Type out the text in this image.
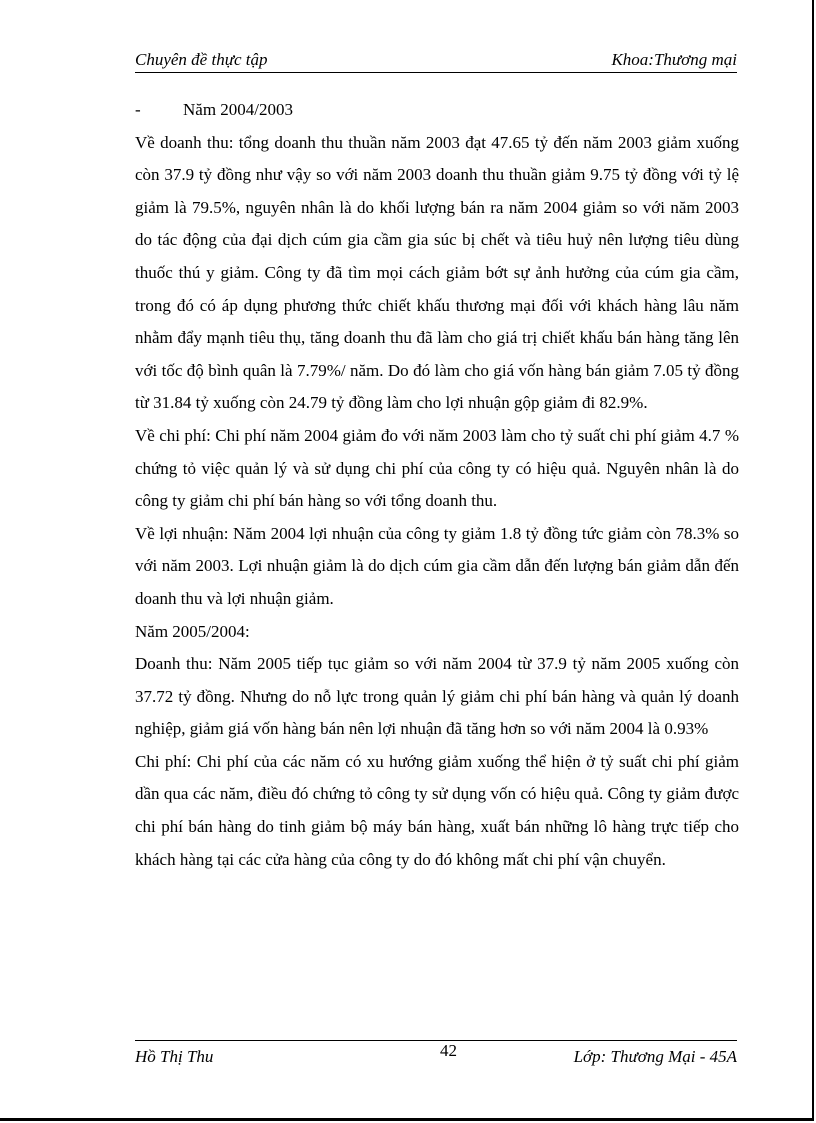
Chuyên đề thực tập	Khoa:Thương mại

- Năm 2004/2003

Về doanh thu: tổng doanh thu thuần năm 2003 đạt 47.65 tỷ đến năm 2003 giảm xuống còn 37.9 tỷ đồng như vậy so với năm 2003 doanh thu thuần giảm 9.75 tỷ đồng với tỷ lệ giảm là 79.5%, nguyên nhân là do khối lượng bán ra năm 2004 giảm so với năm 2003 do tác động của đại dịch cúm gia cầm gia súc bị chết và tiêu huỷ nên lượng tiêu dùng thuốc thú y giảm. Công ty đã tìm mọi cách giảm bớt sự ảnh hưởng của cúm gia cầm, trong đó có áp dụng phương thức chiết khấu thương mại đối với khách hàng lâu năm nhằm đẩy mạnh tiêu thụ, tăng doanh thu đã làm cho giá trị chiết khấu bán hàng tăng lên với tốc độ bình quân là 7.79%/ năm. Do đó làm cho giá vốn hàng bán giảm 7.05 tỷ đồng từ 31.84 tỷ xuống còn 24.79 tỷ đồng làm cho lợi nhuận gộp giảm đi 82.9%.

Về chi phí: Chi phí năm 2004 giảm đo với năm 2003 làm cho tỷ suất chi phí giảm 4.7 % chứng tỏ việc quản lý và sử dụng chi phí của công ty có hiệu quả. Nguyên nhân là do công ty giảm chi phí bán hàng so với tổng doanh thu.

Về lợi nhuận: Năm 2004 lợi nhuận của công ty giảm 1.8 tỷ đồng tức giảm còn 78.3% so với năm 2003. Lợi nhuận giảm là do dịch cúm gia cầm dẫn đến lượng bán giảm dẫn đến doanh thu và lợi nhuận giảm.

Năm 2005/2004:

Doanh thu: Năm 2005 tiếp tục giảm so với năm 2004 từ 37.9 tỷ năm 2005 xuống còn 37.72 tỷ đồng. Nhưng do nỗ lực trong quản lý giảm chi phí bán hàng và quản lý doanh nghiệp, giảm giá vốn hàng bán nên lợi nhuận đã tăng hơn so với năm 2004 là 0.93%

Chi phí: Chi phí của các năm có xu hướng giảm xuống thể hiện ở tỷ suất chi phí giảm dần qua các năm, điều đó chứng tỏ công ty sử dụng vốn có hiệu quả. Công ty giảm được chi phí bán hàng do tinh giảm bộ máy bán hàng, xuất bán những lô hàng trực tiếp cho khách hàng tại các cửa hàng của công ty do đó không mất chi phí vận chuyển.

Hồ Thị Thu	42	Lớp: Thương Mại - 45A
